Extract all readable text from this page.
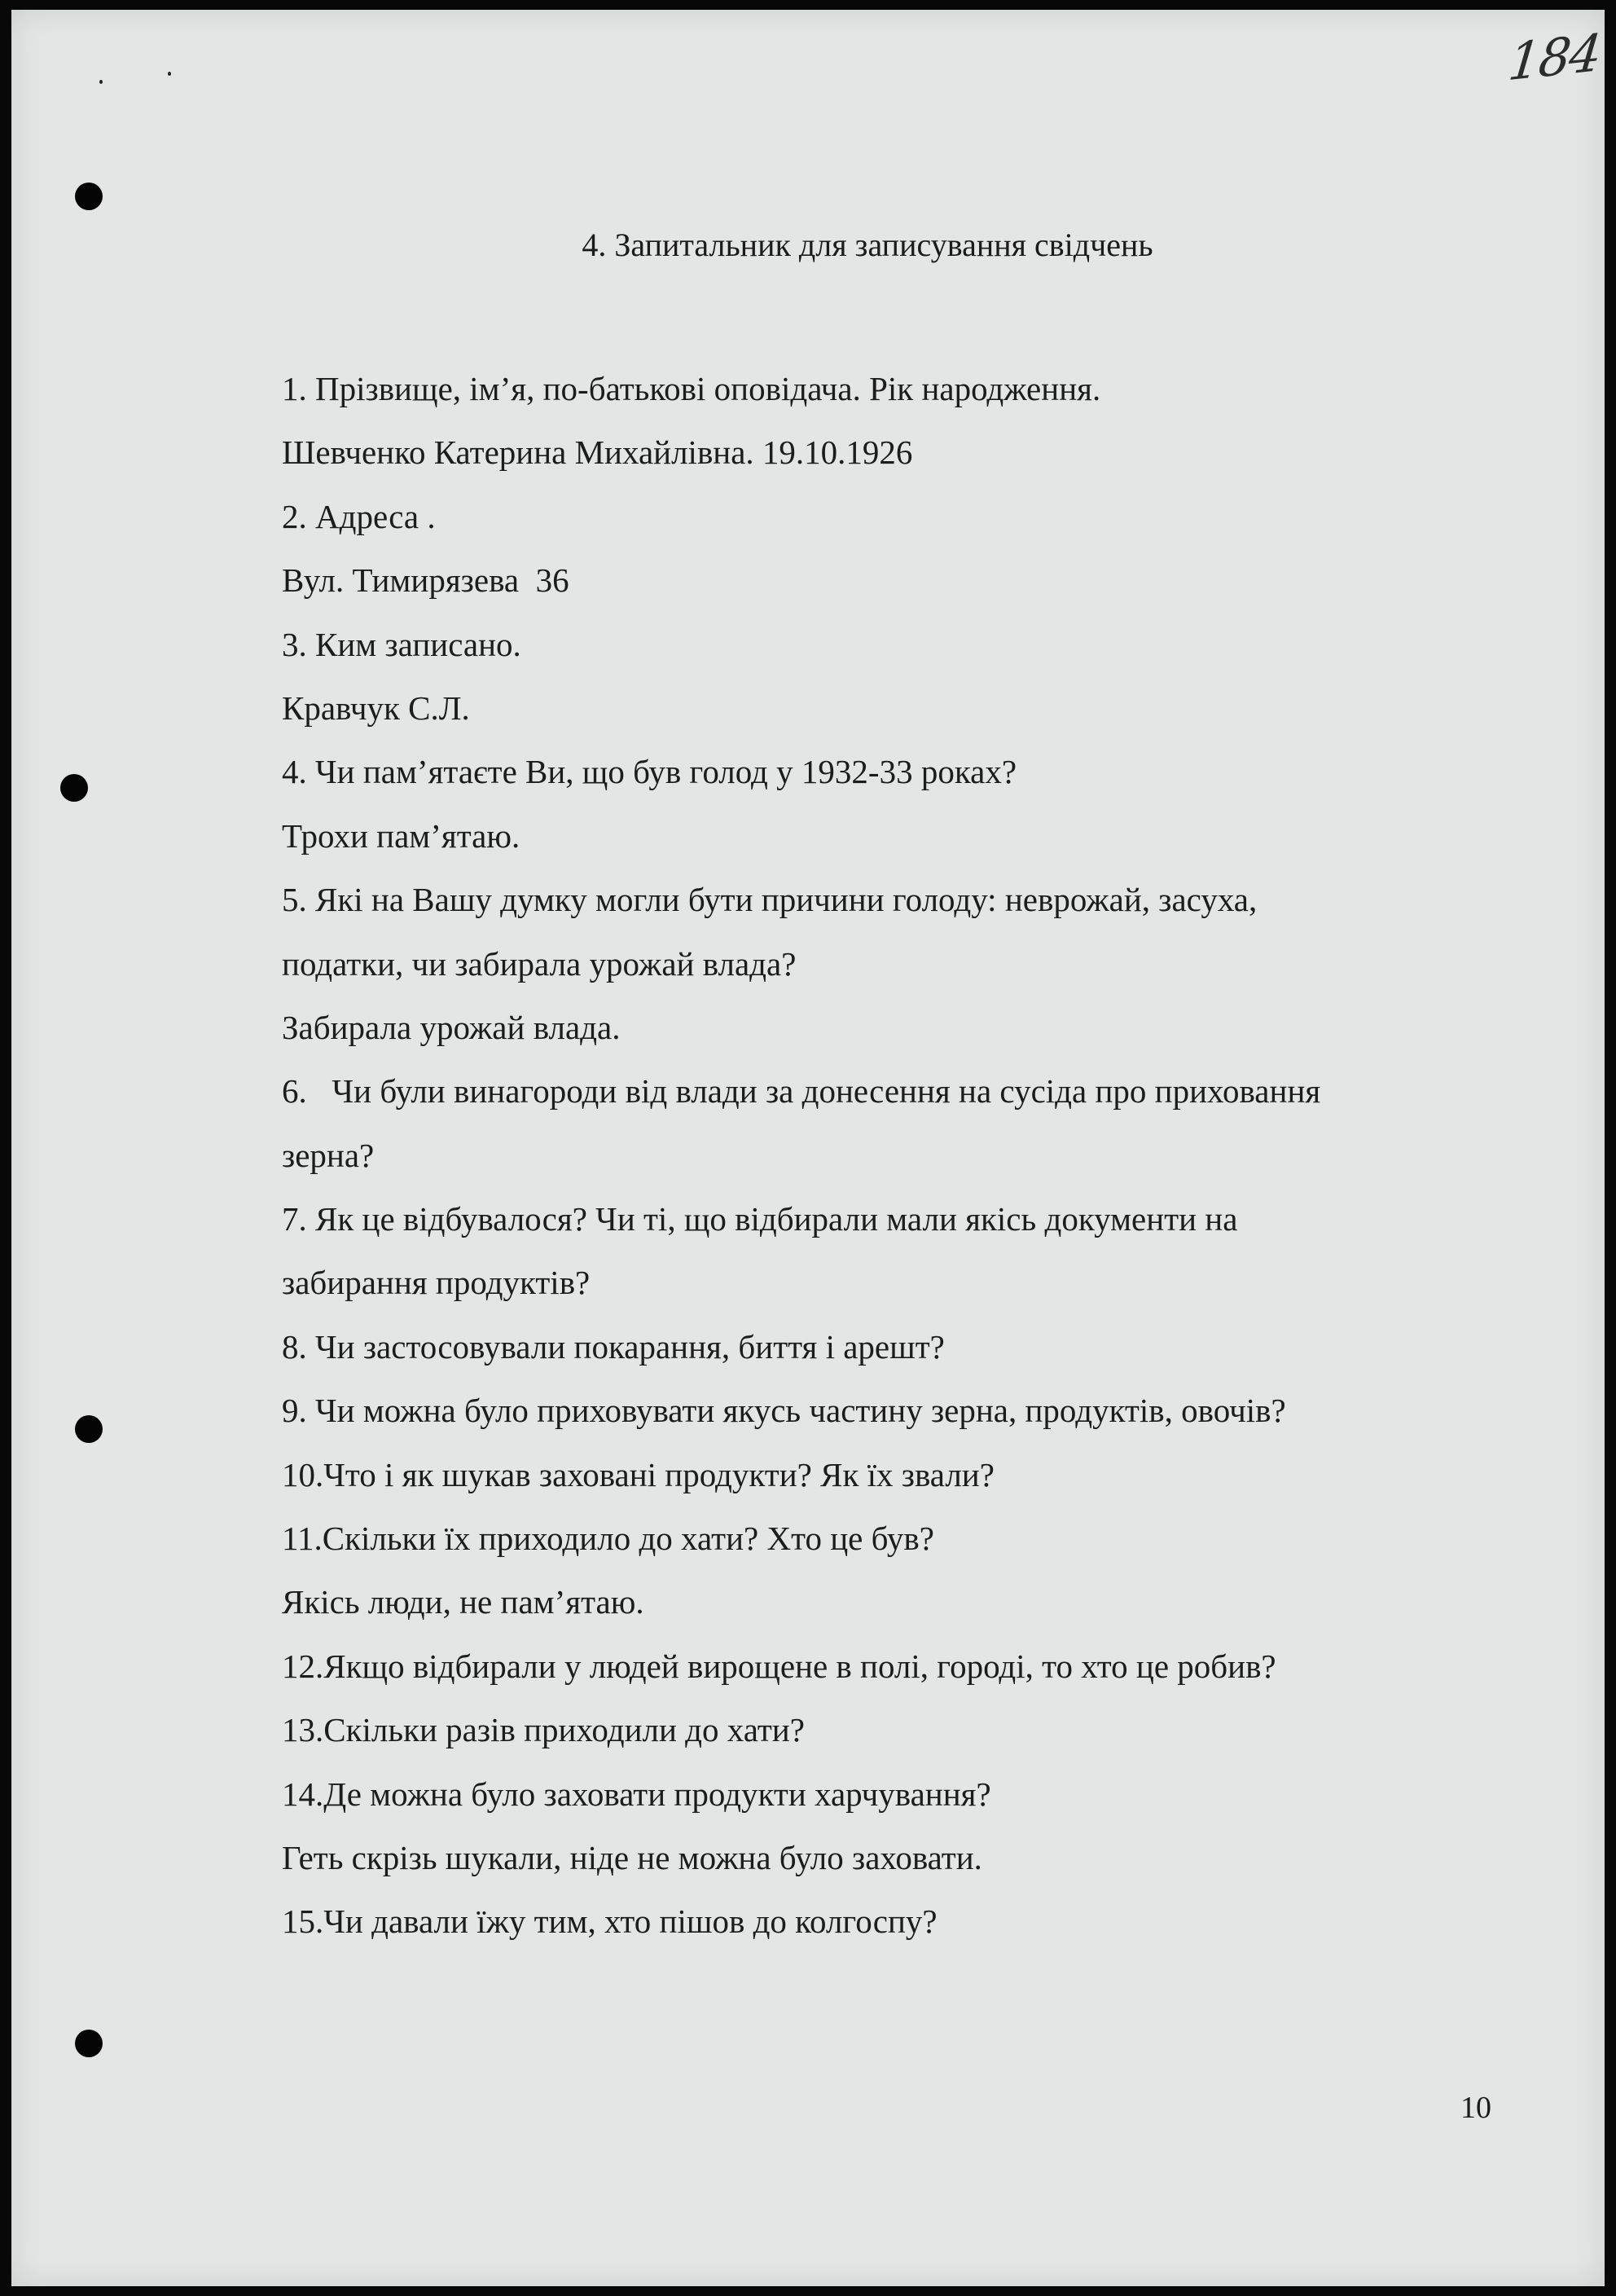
184
4. Запитальник для записування свідчень
1. Прізвище, ім’я, по-батькові оповідача. Рік народження.
Шевченко Катерина Михайлівна. 19.10.1926
2. Адреса .
Вул. Тимирязева  36
3. Ким записано.
Кравчук С.Л.
4. Чи пам’ятаєте Ви, що був голод у 1932-33 роках?
Трохи пам’ятаю.
5. Які на Вашу думку могли бути причини голоду: неврожай, засуха,
податки, чи забирала урожай влада?
Забирала урожай влада.
6.   Чи були винагороди від влади за донесення на сусіда про приховання
зерна?
7. Як це відбувалося? Чи ті, що відбирали мали якісь документи на
забирання продуктів?
8. Чи застосовували покарання, биття і арешт?
9. Чи можна було приховувати якусь частину зерна, продуктів, овочів?
10.Что і як шукав заховані продукти? Як їх звали?
11.Скільки їх приходило до хати? Хто це був?
Якісь люди, не пам’ятаю.
12.Якщо відбирали у людей вирощене в полі, городі, то хто це робив?
13.Скільки разів приходили до хати?
14.Де можна було заховати продукти харчування?
Геть скрізь шукали, ніде не можна було заховати.
15.Чи давали їжу тим, хто пішов до колгоспу?
10
